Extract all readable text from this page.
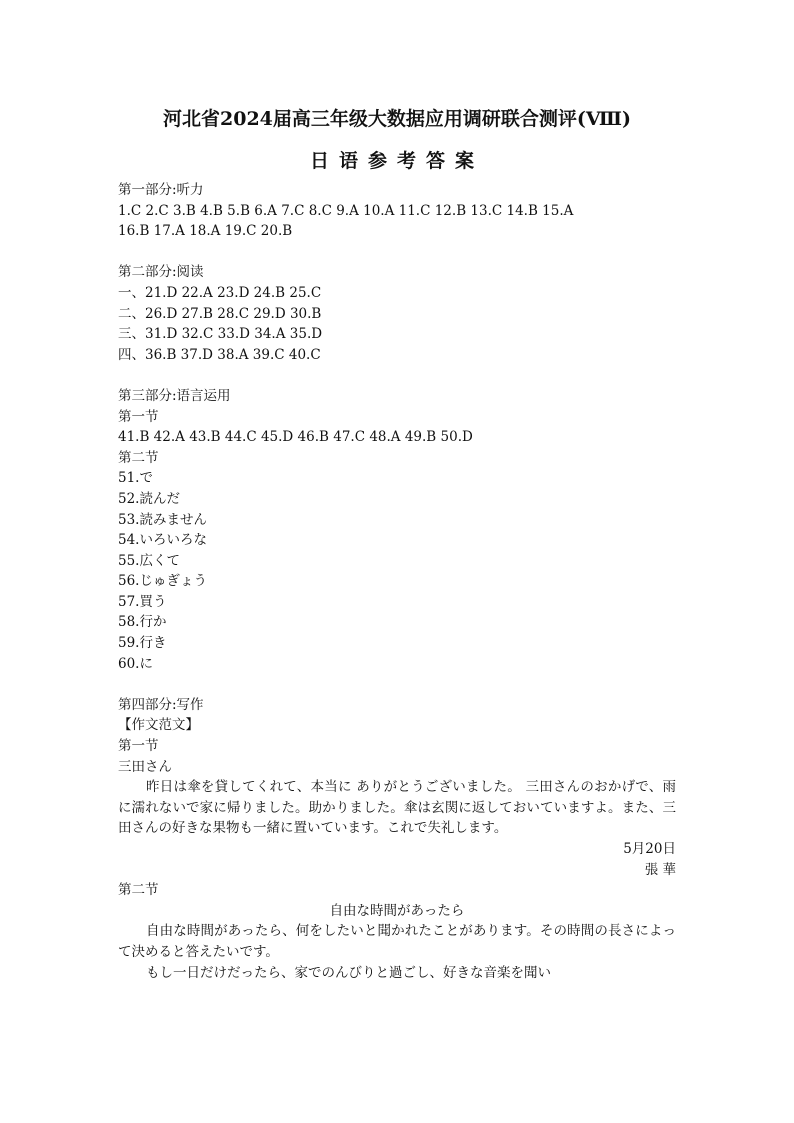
河北省2024届高三年级大数据应用调研联合测评(Ⅷ)
日语参考答案
第一部分:听力
1.C 2.C 3.B 4.B 5.B 6.A 7.C 8.C 9.A 10.A 11.C 12.B 13.C 14.B 15.A
16.B 17.A 18.A 19.C 20.B
第二部分:阅读
一、21.D 22.A 23.D 24.B 25.C
二、26.D 27.B 28.C 29.D 30.B
三、31.D 32.C 33.D 34.A 35.D
四、36.B 37.D 38.A 39.C 40.C
第三部分:语言运用
第一节
41.B 42.A 43.B 44.C 45.D 46.B 47.C 48.A 49.B 50.D
第二节
51.で
52.読んだ
53.読みません
54.いろいろな
55.広くて
56.じゅぎょう
57.買う
58.行か
59.行き
60.に
第四部分:写作
【作文范文】
第一节
三田さん
昨日は傘を貸してくれて、本当に ありがとうございました。 三田さんのおかげで、雨に濡れないで家に帰りました。助かりました。傘は玄関に返しておいていますよ。また、三田さんの好きな果物も一緒に置いています。これで失礼します。
5月20日
張 華
第二节
自由な時間があったら
自由な時間があったら、何をしたいと聞かれたことがあります。その時間の長さによって決めると答えたいです。
もし一日だけだったら、家でのんびりと過ごし、好きな音楽を聞い
